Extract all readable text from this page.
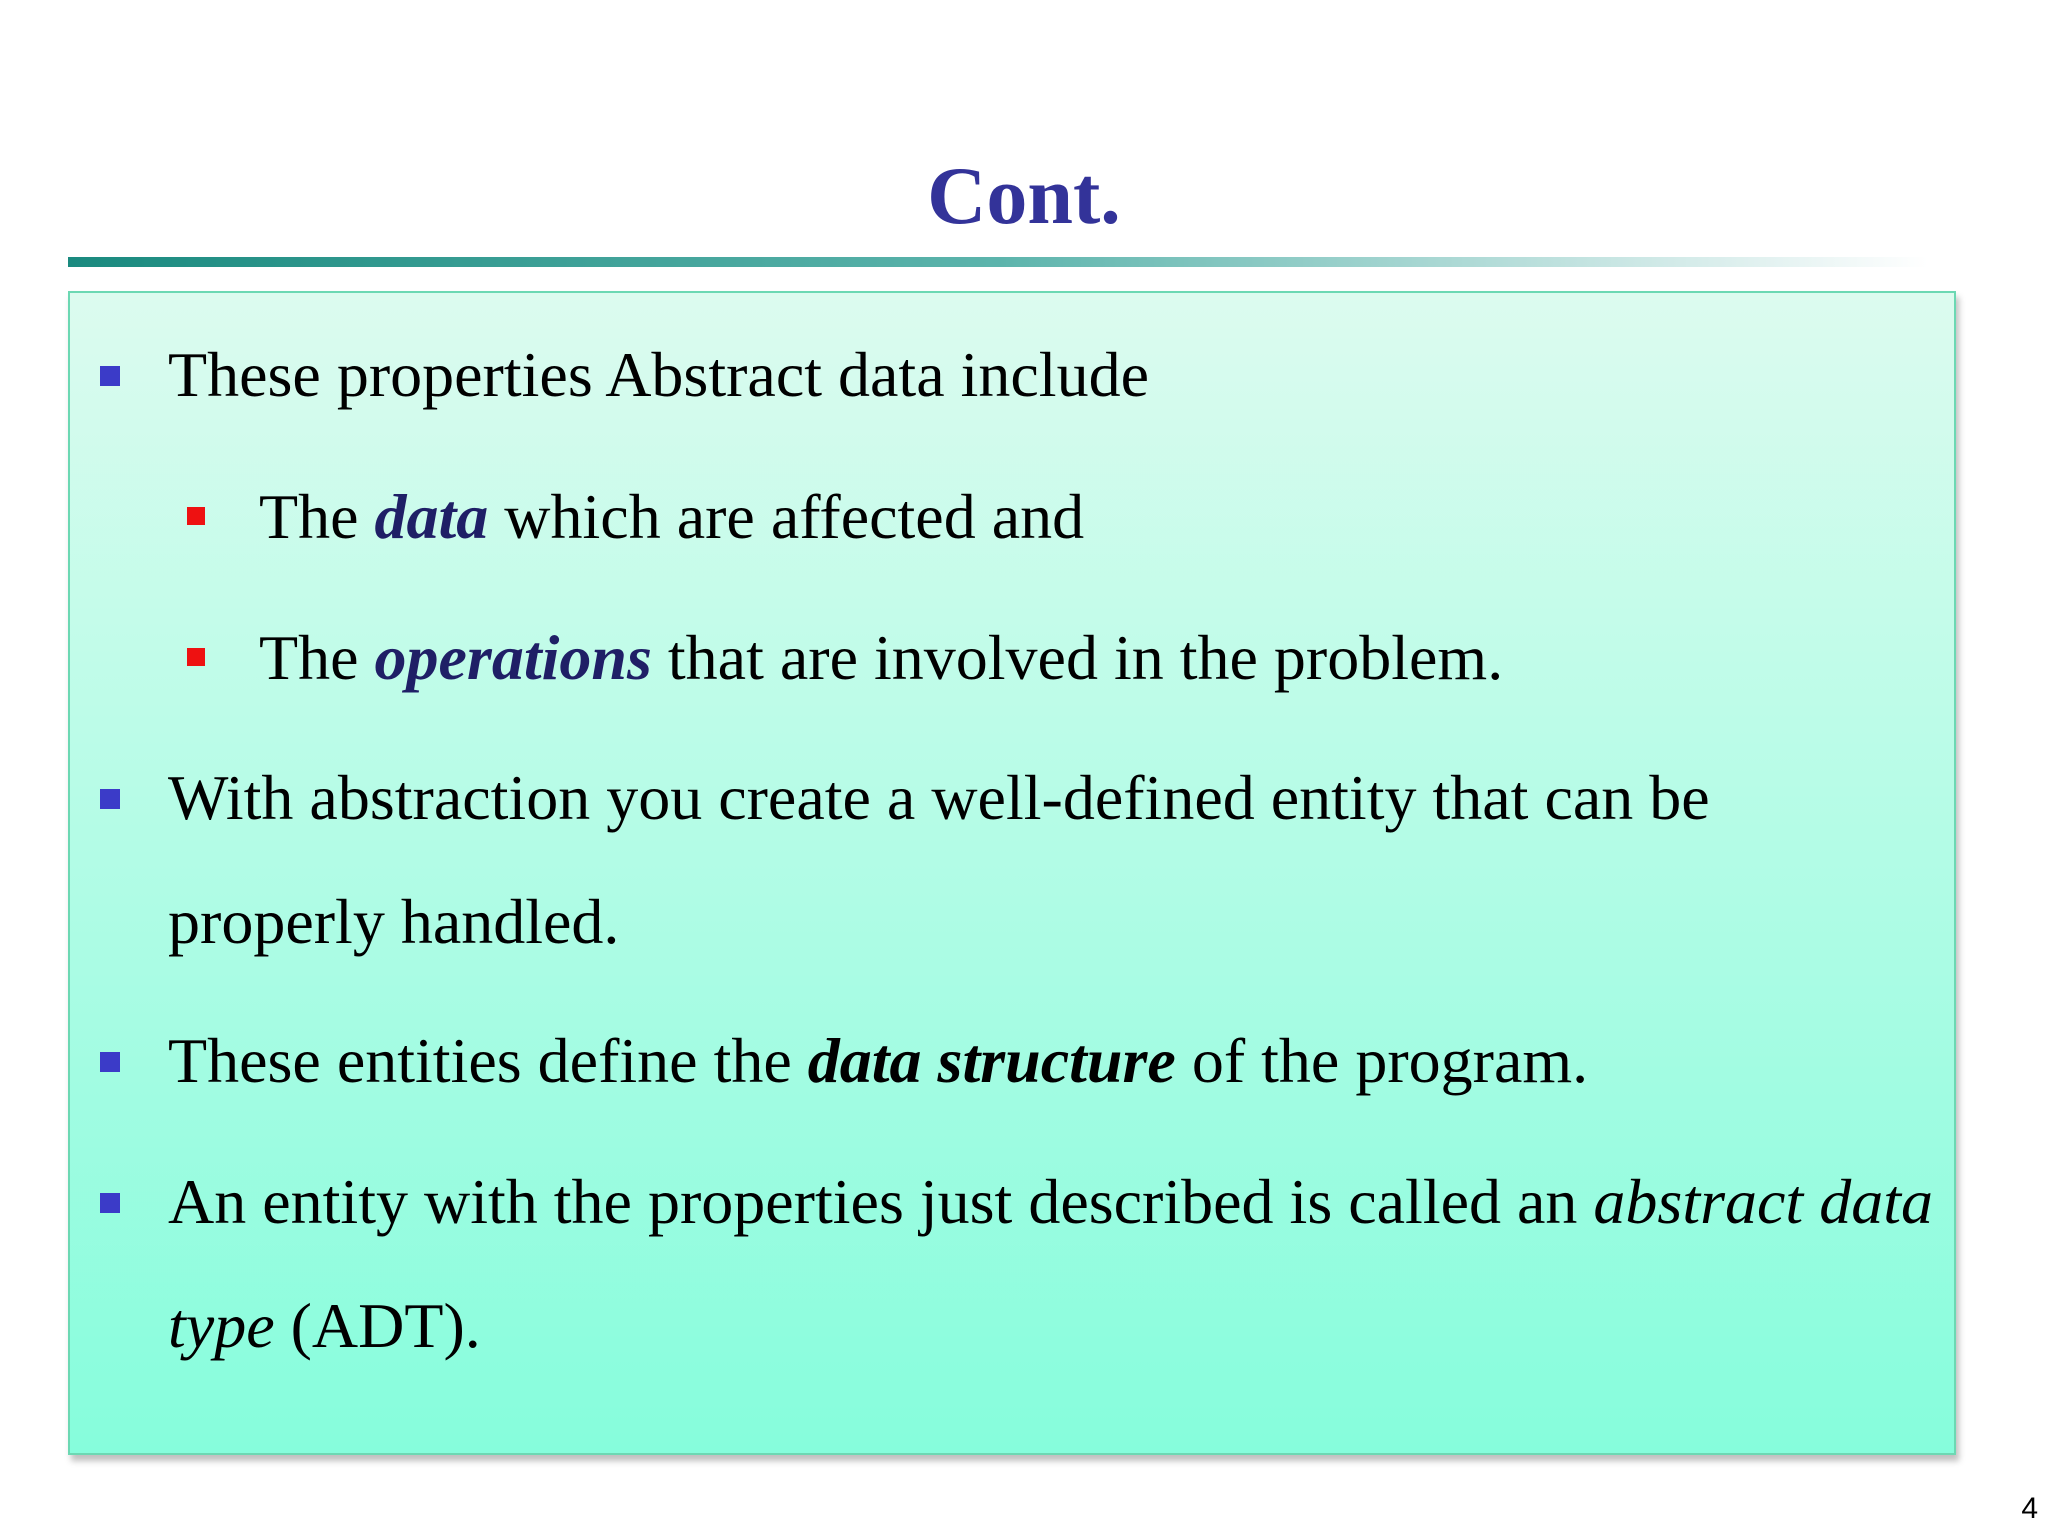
Cont.
These properties Abstract data include
The data which are affected and
The operations that are involved in the problem.
With abstraction you create a well-defined entity that can be properly handled.
These entities define the data structure of the program.
An entity with the properties just described is called an abstract data type (ADT).
4
